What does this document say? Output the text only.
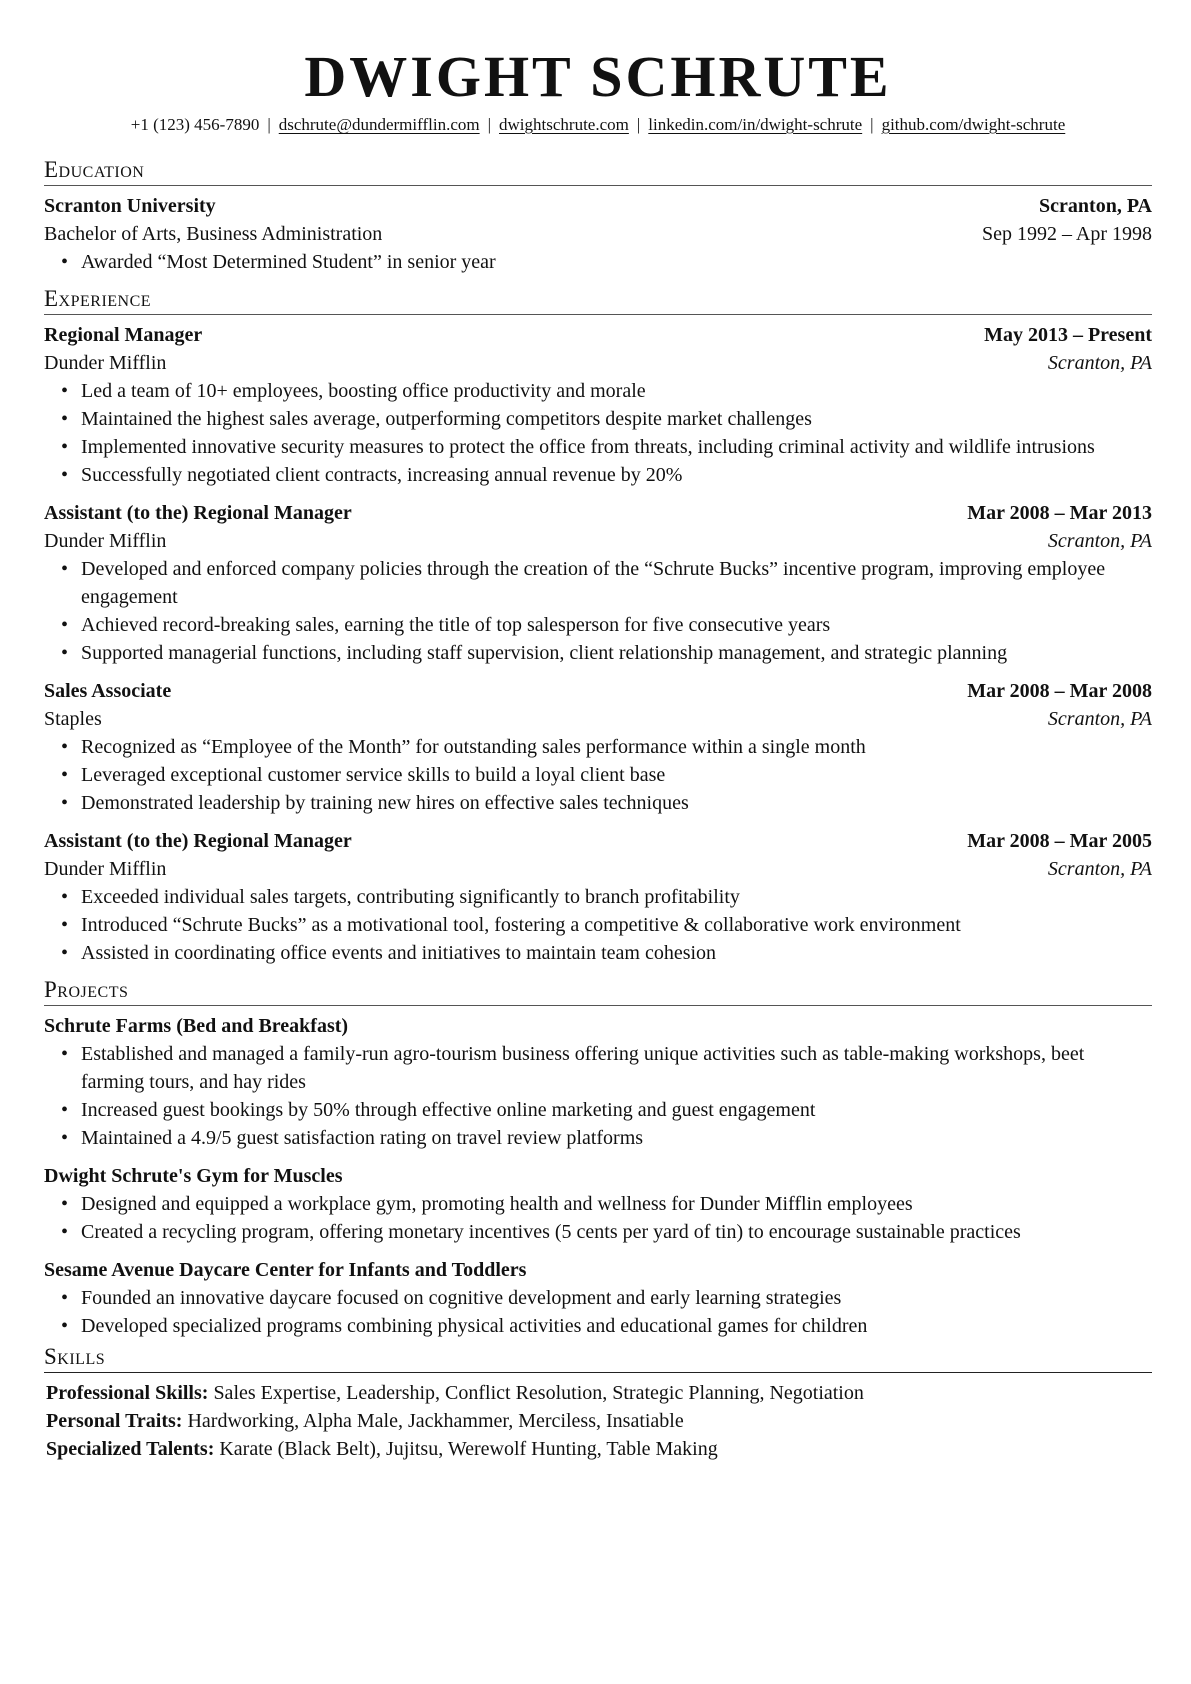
DWIGHT SCHRUTE
+1 (123) 456-7890 | dschrute@dundermifflin.com | dwightschrute.com | linkedin.com/in/dwight-schrute | github.com/dwight-schrute
Education
Scranton University	Scranton, PA
Bachelor of Arts, Business Administration	Sep 1992 – Apr 1998
• Awarded “Most Determined Student” in senior year
Experience
Regional Manager	May 2013 – Present
Dunder Mifflin	Scranton, PA
• Led a team of 10+ employees, boosting office productivity and morale
• Maintained the highest sales average, outperforming competitors despite market challenges
• Implemented innovative security measures to protect the office from threats, including criminal activity and wildlife intrusions
• Successfully negotiated client contracts, increasing annual revenue by 20%
Assistant (to the) Regional Manager	Mar 2008 – Mar 2013
Dunder Mifflin	Scranton, PA
• Developed and enforced company policies through the creation of the “Schrute Bucks” incentive program, improving employee engagement
• Achieved record-breaking sales, earning the title of top salesperson for five consecutive years
• Supported managerial functions, including staff supervision, client relationship management, and strategic planning
Sales Associate	Mar 2008 – Mar 2008
Staples	Scranton, PA
• Recognized as “Employee of the Month” for outstanding sales performance within a single month
• Leveraged exceptional customer service skills to build a loyal client base
• Demonstrated leadership by training new hires on effective sales techniques
Assistant (to the) Regional Manager	Mar 2008 – Mar 2005
Dunder Mifflin	Scranton, PA
• Exceeded individual sales targets, contributing significantly to branch profitability
• Introduced “Schrute Bucks” as a motivational tool, fostering a competitive & collaborative work environment
• Assisted in coordinating office events and initiatives to maintain team cohesion
Projects
Schrute Farms (Bed and Breakfast)
• Established and managed a family-run agro-tourism business offering unique activities such as table-making workshops, beet farming tours, and hay rides
• Increased guest bookings by 50% through effective online marketing and guest engagement
• Maintained a 4.9/5 guest satisfaction rating on travel review platforms
Dwight Schrute's Gym for Muscles
• Designed and equipped a workplace gym, promoting health and wellness for Dunder Mifflin employees
• Created a recycling program, offering monetary incentives (5 cents per yard of tin) to encourage sustainable practices
Sesame Avenue Daycare Center for Infants and Toddlers
• Founded an innovative daycare focused on cognitive development and early learning strategies
• Developed specialized programs combining physical activities and educational games for children
Skills
Professional Skills: Sales Expertise, Leadership, Conflict Resolution, Strategic Planning, Negotiation
Personal Traits: Hardworking, Alpha Male, Jackhammer, Merciless, Insatiable
Specialized Talents: Karate (Black Belt), Jujitsu, Werewolf Hunting, Table Making
